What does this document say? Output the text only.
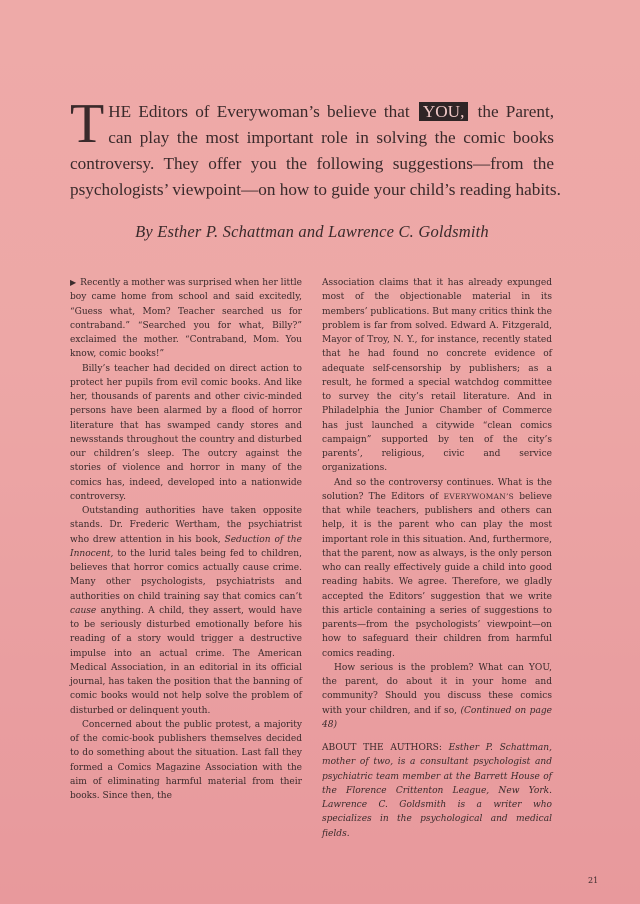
T HE Editors of Everywoman’s believe that YOU, the Parent,
can play the most important role in solving the comic books
controversy. They offer you the following suggestions—from the
psychologists’ viewpoint—on how to guide your child’s reading habits.
By Esther P. Schattman and Lawrence C. Goldsmith

▶ Recently a mother was surprised when her little boy came home from school and said excitedly, “Guess what, Mom? Teacher searched us for contraband.” “Searched you for what, Billy?” exclaimed the mother. “Contraband, Mom. You know, comic books!”

Billy’s teacher had decided on direct action to protect her pupils from evil comic books. And like her, thousands of parents and other civic-minded persons have been alarmed by a flood of horror literature that has swamped candy stores and newsstands throughout the country and disturbed our children’s sleep. The outcry against the stories of violence and horror in many of the comics has, indeed, developed into a nationwide controversy.

Outstanding authorities have taken opposite stands. Dr. Frederic Wertham, the psychiatrist who drew attention in his book, Seduction of the Innocent, to the lurid tales being fed to children, believes that horror comics actually cause crime. Many other psychologists, psychiatrists and authorities on child training say that comics can’t cause anything. A child, they assert, would have to be seriously disturbed emotionally before his reading of a story would trigger a destructive impulse into an actual crime. The American Medical Association, in an editorial in its official journal, has taken the position that the banning of comic books would not help solve the problem of disturbed or delinquent youth.

Concerned about the public protest, a majority of the comic-book publishers themselves decided to do something about the situation. Last fall they formed a Comics Magazine Association with the aim of eliminating harmful material from their books. Since then, the

Association claims that it has already expunged most of the objectionable material in its members’ publications. But many critics think the problem is far from solved. Edward A. Fitzgerald, Mayor of Troy, N. Y., for instance, recently stated that he had found no concrete evidence of adequate self-censorship by publishers; as a result, he formed a special watchdog committee to survey the city’s retail literature. And in Philadelphia the Junior Chamber of Commerce has just launched a citywide “clean comics campaign” supported by ten of the city’s parents’, religious, civic and service organizations.

And so the controversy continues. What is the solution? The Editors of EVERYWOMAN’S believe that while teachers, publishers and others can help, it is the parent who can play the most important role in this situation. And, furthermore, that the parent, now as always, is the only person who can really effectively guide a child into good reading habits. We agree. Therefore, we gladly accepted the Editors’ suggestion that we write this article containing a series of suggestions to parents—from the psychologists’ viewpoint—on how to safeguard their children from harmful comics reading.

How serious is the problem? What can YOU, the parent, do about it in your home and community? Should you discuss these comics with your children, and if so, (Continued on page 48)

ABOUT THE AUTHORS: Esther P. Schattman, mother of two, is a consultant psychologist and psychiatric team member at the Barrett House of the Florence Crittenton League, New York. Lawrence C. Goldsmith is a writer who specializes in the psychological and medical fields.

21
